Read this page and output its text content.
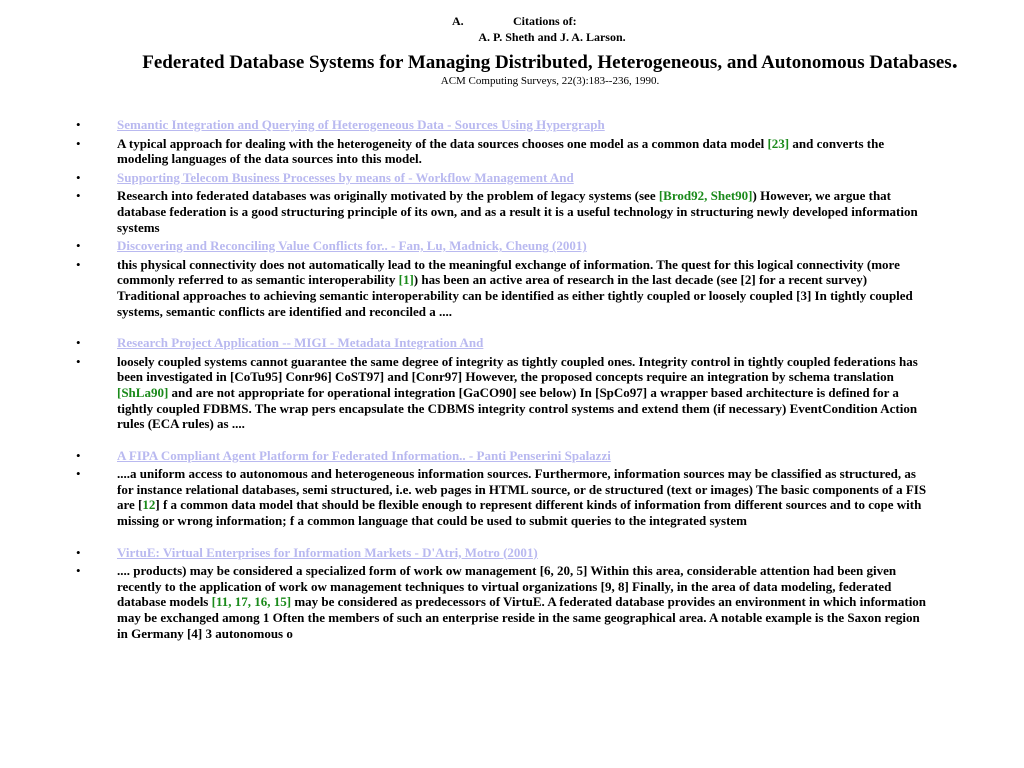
A.	Citations of:
A. P. Sheth and J. A. Larson.
Federated Database Systems for Managing Distributed, Heterogeneous, and Autonomous Databases.
ACM Computing Surveys, 22(3):183--236, 1990.
•	Semantic Integration and Querying of Heterogeneous Data - Sources Using Hypergraph
•	A typical approach for dealing with the heterogeneity of the data sources chooses one model as a common data model [23] and converts the modeling languages of the data sources into this model.
•	Supporting Telecom Business Processes by means of - Workflow Management And
•	Research into federated databases was originally motivated by the problem of legacy systems (see [Brod92, Shet90]) However, we argue that database federation is a good structuring principle of its own, and as a result it is a useful technology in structuring newly developed information systems
•	Discovering and Reconciling Value Conflicts for.. - Fan, Lu, Madnick, Cheung (2001)
•	this physical connectivity does not automatically lead to the meaningful exchange of information. The quest for this logical connectivity (more commonly referred to as semantic interoperability [1]) has been an active area of research in the last decade (see [2] for a recent survey) Traditional approaches to achieving semantic interoperability can be identified as either tightly coupled or loosely coupled [3] In tightly coupled systems, semantic conflicts are identified and reconciled a ....
•	Research Project Application -- MIGI - Metadata Integration And
•	loosely coupled systems cannot guarantee the same degree of integrity as tightly coupled ones. Integrity control in tightly coupled federations has been investigated in [CoTu95] Conr96] CoST97] and [Conr97] However, the proposed concepts require an integration by schema translation [ShLa90] and are not appropriate for operational integration [GaCO90] see below) In [SpCo97] a wrapper based architecture is defined for a tightly coupled FDBMS. The wrap pers encapsulate the CDBMS integrity control systems and extend them (if necessary) EventCondition Action rules (ECA rules) as ....
•	A FIPA Compliant Agent Platform for Federated Information.. - Panti Penserini Spalazzi
•	....a uniform access to autonomous and heterogeneous information sources. Furthermore, information sources may be classified as structured, as for instance relational databases, semi structured, i.e. web pages in HTML source, or de structured (text or images) The basic components of a FIS are [12] f a common data model that should be flexible enough to represent different kinds of information from different sources and to cope with missing or wrong information; f a common language that could be used to submit queries to the integrated system
•	VirtuE: Virtual Enterprises for Information Markets - D'Atri, Motro (2001)
•	.... products) may be considered a specialized form of work ow management [6, 20, 5] Within this area, considerable attention had been given recently to the application of work ow management techniques to virtual organizations [9, 8] Finally, in the area of data modeling, federated database models [11, 17, 16, 15] may be considered as predecessors of VirtuE. A federated database provides an environment in which information may be exchanged among 1 Often the members of such an enterprise reside in the same geographical area. A notable example is the Saxon region in Germany [4] 3 autonomous o
